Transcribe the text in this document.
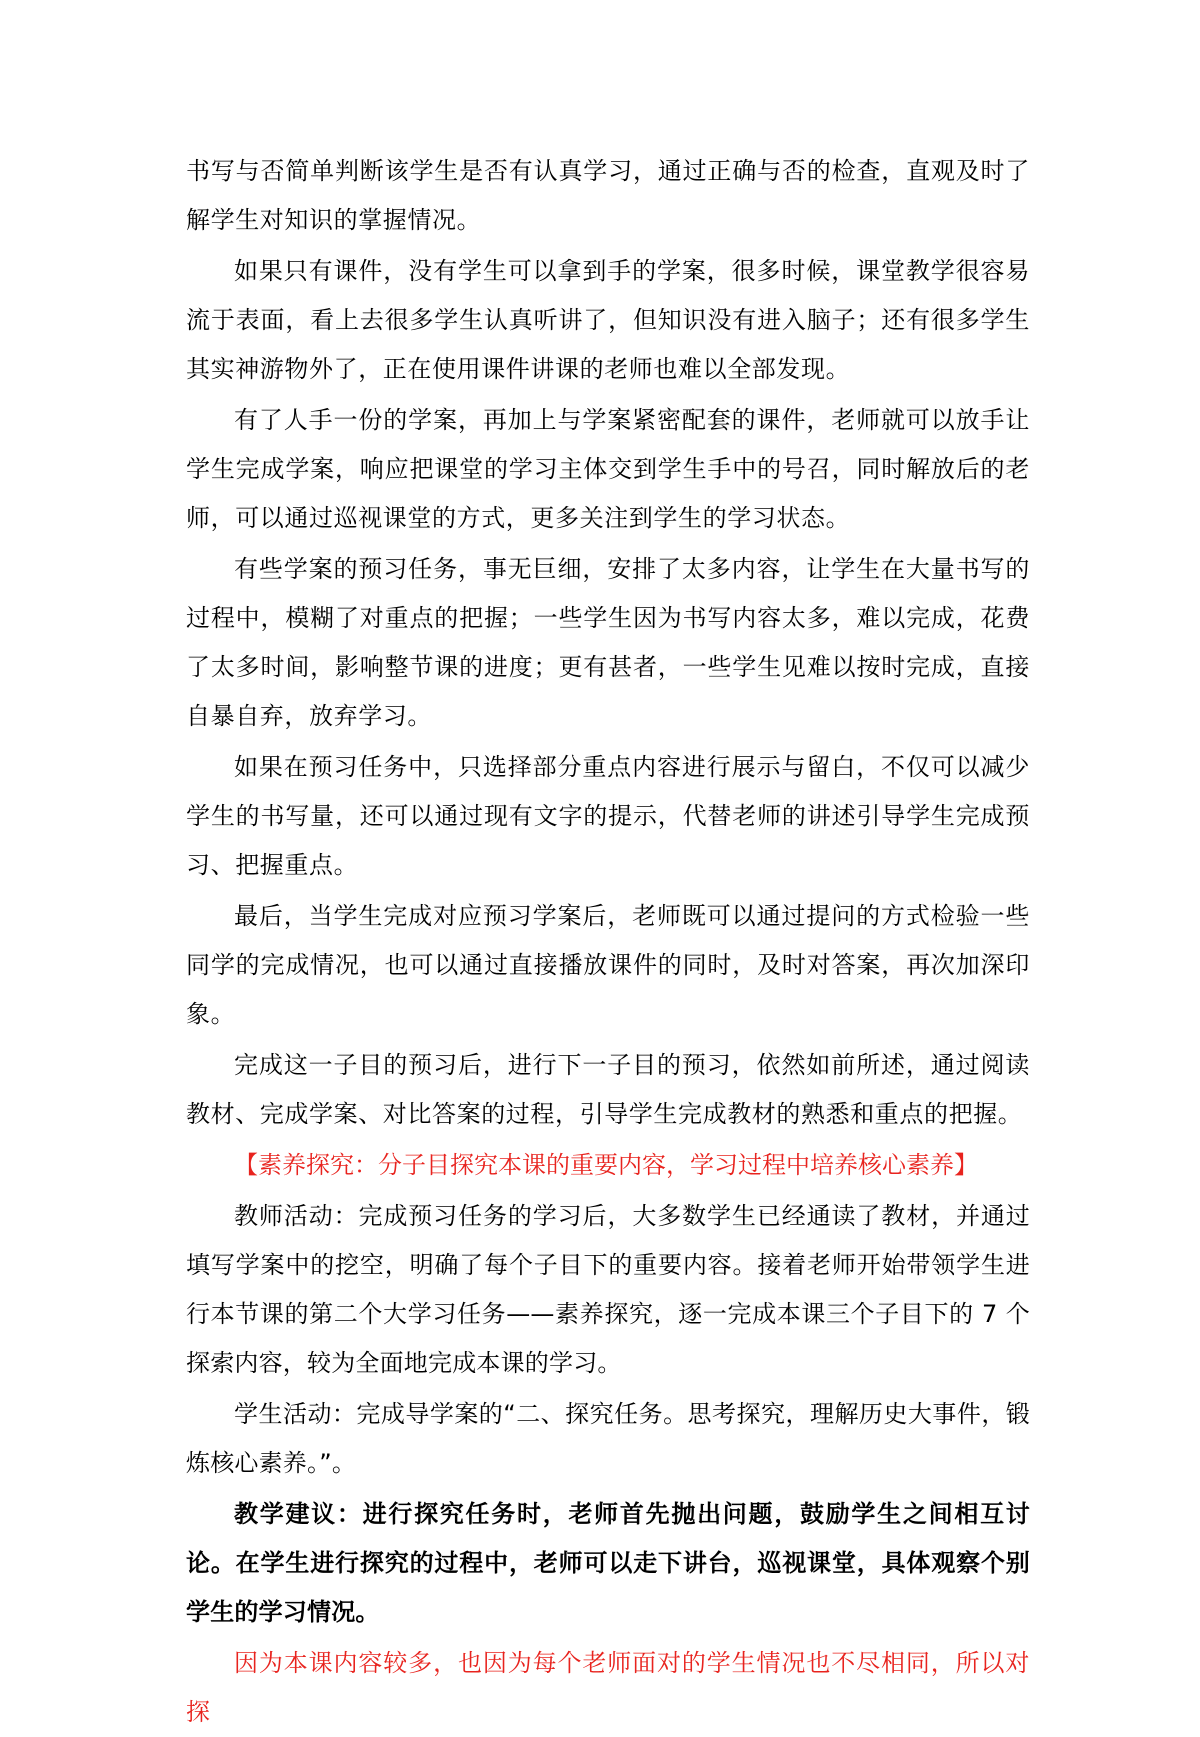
书写与否简单判断该学生是否有认真学习，通过正确与否的检查，直观及时了解学生对知识的掌握情况。

如果只有课件，没有学生可以拿到手的学案，很多时候，课堂教学很容易流于表面，看上去很多学生认真听讲了，但知识没有进入脑子；还有很多学生其实神游物外了，正在使用课件讲课的老师也难以全部发现。

有了人手一份的学案，再加上与学案紧密配套的课件，老师就可以放手让学生完成学案，响应把课堂的学习主体交到学生手中的号召，同时解放后的老师，可以通过巡视课堂的方式，更多关注到学生的学习状态。

有些学案的预习任务，事无巨细，安排了太多内容，让学生在大量书写的过程中，模糊了对重点的把握；一些学生因为书写内容太多，难以完成，花费了太多时间，影响整节课的进度；更有甚者，一些学生见难以按时完成，直接自暴自弃，放弃学习。

如果在预习任务中，只选择部分重点内容进行展示与留白，不仅可以减少学生的书写量，还可以通过现有文字的提示，代替老师的讲述引导学生完成预习、把握重点。

最后，当学生完成对应预习学案后，老师既可以通过提问的方式检验一些同学的完成情况，也可以通过直接播放课件的同时，及时对答案，再次加深印象。

完成这一子目的预习后，进行下一子目的预习，依然如前所述，通过阅读教材、完成学案、对比答案的过程，引导学生完成教材的熟悉和重点的把握。

【素养探究：分子目探究本课的重要内容，学习过程中培养核心素养】

教师活动：完成预习任务的学习后，大多数学生已经通读了教材，并通过填写学案中的挖空，明确了每个子目下的重要内容。接着老师开始带领学生进行本节课的第二个大学习任务——素养探究，逐一完成本课三个子目下的 7 个探索内容，较为全面地完成本课的学习。

学生活动：完成导学案的“二、探究任务。思考探究，理解历史大事件，锻炼核心素养。”。

教学建议：进行探究任务时，老师首先抛出问题，鼓励学生之间相互讨论。在学生进行探究的过程中，老师可以走下讲台，巡视课堂，具体观察个别学生的学习情况。

因为本课内容较多，也因为每个老师面对的学生情况也不尽相同，所以对探
